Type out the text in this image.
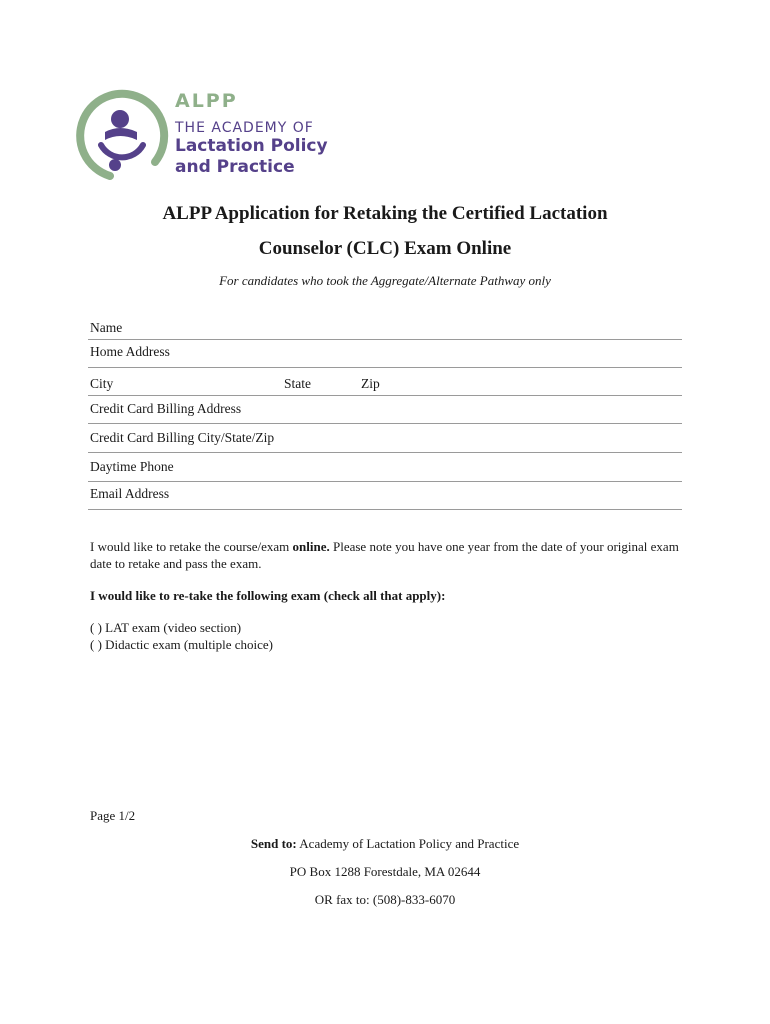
ALPP
THE ACADEMY OF
Lactation Policy
and Practice
ALPP Application for Retaking the Certified Lactation
Counselor (CLC) Exam Online
For candidates who took the Aggregate/Alternate Pathway only
Name
Home Address
City	State	Zip
Credit Card Billing Address
Credit Card Billing City/State/Zip
Daytime Phone
Email Address
I would like to retake the course/exam online. Please note you have one year from the date of your original exam date to retake and pass the exam.
I would like to re-take the following exam (check all that apply):
( ) LAT exam (video section)
( ) Didactic exam (multiple choice)
Page 1/2
Send to: Academy of Lactation Policy and Practice
PO Box 1288 Forestdale, MA 02644
OR fax to: (508)-833-6070
